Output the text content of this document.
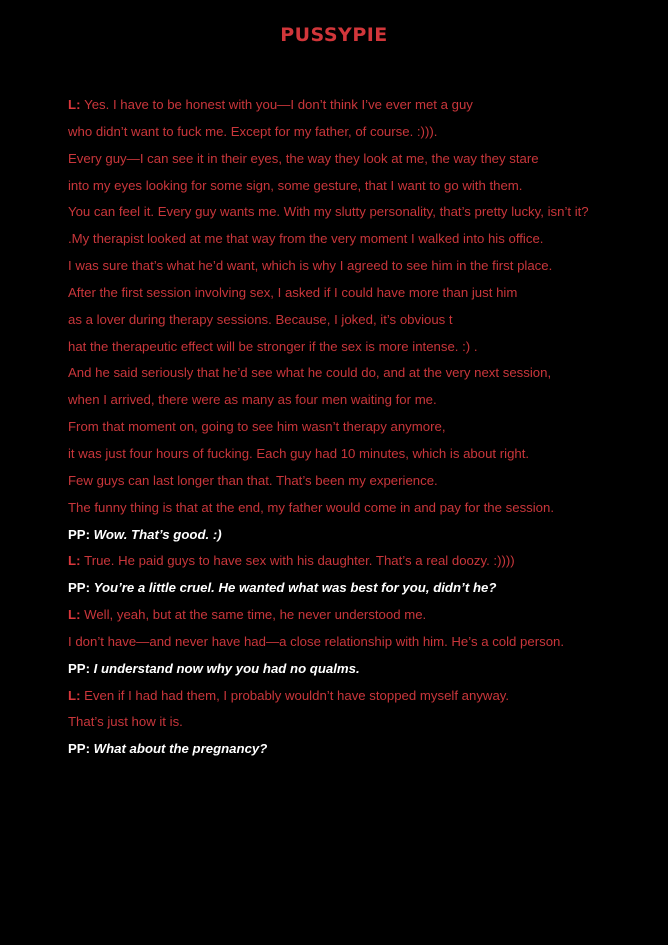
PUSSYPIE
L: Yes. I have to be honest with you—I don’t think I’ve ever met a guy
who didn’t want to fuck me. Except for my father, of course. :))).
Every guy—I can see it in their eyes, the way they look at me, the way they stare
into my eyes looking for some sign, some gesture, that I want to go with them.
You can feel it. Every guy wants me. With my slutty personality, that’s pretty lucky, isn’t it?
.My therapist looked at me that way from the very moment I walked into his office.
I was sure that’s what he’d want, which is why I agreed to see him in the first place.
After the first session involving sex, I asked if I could have more than just him
as a lover during therapy sessions. Because, I joked, it’s obvious t
hat the therapeutic effect will be stronger if the sex is more intense. :) .
And he said seriously that he’d see what he could do, and at the very next session,
when I arrived, there were as many as four men waiting for me.
From that moment on, going to see him wasn’t therapy anymore,
it was just four hours of fucking. Each guy had 10 minutes, which is about right.
Few guys can last longer than that. That’s been my experience.
The funny thing is that at the end, my father would come in and pay for the session.
PP: Wow. That’s good. :)
L: True. He paid guys to have sex with his daughter. That’s a real doozy. :))))
PP: You’re a little cruel. He wanted what was best for you, didn’t he?
L: Well, yeah, but at the same time, he never understood me.
I don’t have—and never have had—a close relationship with him. He’s a cold person.
PP: I understand now why you had no qualms.
L: Even if I had had them, I probably wouldn’t have stopped myself anyway.
That’s just how it is.
PP: What about the pregnancy?
